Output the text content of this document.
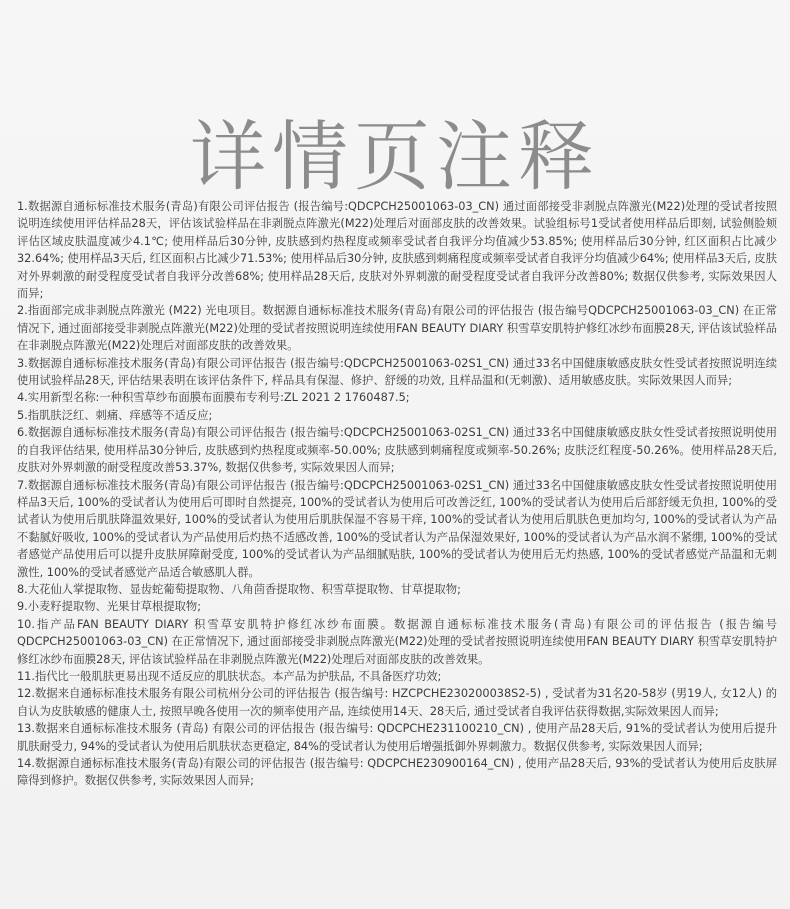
详情页注释

1.数据源自通标标准技术服务(青岛)有限公司评估报告 (报告编号:QDCPCH25001063-03_CN) 通过面部接受非剥脱点阵激光(M22)处理的受试者按照说明连续使用评估样品28天，评估该试验样品在非剥脱点阵激光(M22)处理后对面部皮肤的改善效果。试验组标号1受试者使用样品后即刻, 试验侧脸颊评估区域皮肤温度减少4.1℃; 使用样品后30分钟, 皮肤感到灼热程度或频率受试者自我评分均值减少53.85%; 使用样品后30分钟, 红区面积占比减少32.64%; 使用样品3天后, 红区面积占比减少71.53%; 使用样品后30分钟, 皮肤感到刺痛程度或频率受试者自我评分均值减少64%; 使用样品3天后, 皮肤对外界刺激的耐受程度受试者自我评分改善68%; 使用样品28天后, 皮肤对外界刺激的耐受程度受试者自我评分改善80%; 数据仅供参考, 实际效果因人而异;

2.指面部完成非剥脱点阵激光 (M22) 光电项目。数据源自通标标准技术服务(青岛)有限公司的评估报告 (报告编号QDCPCH25001063-03_CN) 在正常情况下, 通过面部接受非剥脱点阵激光(M22)处理的受试者按照说明连续使用FAN BEAUTY DIARY 积雪草安肌特护修红冰纱布面膜28天, 评估该试验样品在非剥脱点阵激光(M22)处理后对面部皮肤的改善效果。

3.数据源自通标标准技术服务(青岛)有限公司评估报告 (报告编号:QDCPCH25001063-02S1_CN) 通过33名中国健康敏感皮肤女性受试者按照说明连续使用试验样品28天, 评估结果表明在该评估条件下, 样品具有保湿、修护、舒缓的功效, 且样品温和(无刺激)、适用敏感皮肤。实际效果因人而异;

4.实用新型名称:一种积雪草纱布面膜布面膜布专利号:ZL 2021 2 1760487.5;

5.指肌肤泛红、刺痛、痒感等不适反应;

6.数据源自通标标准技术服务(青岛)有限公司评估报告 (报告编号:QDCPCH25001063-02S1_CN) 通过33名中国健康敏感皮肤女性受试者按照说明使用的自我评估结果, 使用样品30分钟后, 皮肤感到灼热程度或频率-50.00%; 皮肤感到刺痛程度或频率-50.26%; 皮肤泛红程度-50.26%。使用样品28天后, 皮肤对外界刺激的耐受程度改善53.37%, 数据仅供参考, 实际效果因人而异;

7.数据源自通标标准技术服务(青岛)有限公司评估报告 (报告编号:QDCPCH25001063-02S1_CN) 通过33名中国健康敏感皮肤女性受试者按照说明使用样品3天后, 100%的受试者认为使用后可即时自然提亮, 100%的受试者认为使用后可改善泛红, 100%的受试者认为使用后后部舒缓无负担, 100%的受试者认为使用后肌肤降温效果好, 100%的受试者认为使用后肌肤保湿不容易干痒, 100%的受试者认为使用后肌肤色更加均匀, 100%的受试者认为产品不黏腻好吸收, 100%的受试者认为产品使用后灼热不适感改善, 100%的受试者认为产品保湿效果好, 100%的受试者认为产品水润不紧绷, 100%的受试者感觉产品使用后可以提升皮肤屏障耐受度, 100%的受试者认为产品细腻贴肤, 100%的受试者认为使用后无灼热感, 100%的受试者感觉产品温和无刺激性, 100%的受试者感觉产品适合敏感肌人群。

8.大花仙人掌提取物、显齿蛇葡萄提取物、八角茴香提取物、积雪草提取物、甘草提取物;

9.小麦籽提取物、光果甘草根提取物;

10.指产品FAN BEAUTY DIARY 积雪草安肌特护修红冰纱布面膜。数据源自通标标准技术服务(青岛)有限公司的评估报告 (报告编号QDCPCH25001063-03_CN) 在正常情况下, 通过面部接受非剥脱点阵激光(M22)处理的受试者按照说明连续使用FAN BEAUTY DIARY 积雪草安肌特护修红冰纱布面膜28天, 评估该试验样品在非剥脱点阵激光(M22)处理后对面部皮肤的改善效果。

11.指代比一般肌肤更易出现不适反应的肌肤状态。本产品为护肤品, 不具备医疗功效;

12.数据来自通标标准技术服务有限公司杭州分公司的评估报告 (报告编号: HZCPCHE230200038S2-5) , 受试者为31名20-58岁 (男19人, 女12人) 的自认为皮肤敏感的健康人士, 按照早晚各使用一次的频率使用产品, 连续使用14天、28天后, 通过受试者自我评估获得数据,实际效果因人而异;

13.数据来自通标标准技术服务 (青岛) 有限公司的评估报告 (报告编号: QDCPCHE231100210_CN) , 使用产品28天后, 91%的受试者认为使用后提升肌肤耐受力, 94%的受试者认为使用后肌肤状态更稳定, 84%的受试者认为使用后增强抵御外界刺激力。数据仅供参考, 实际效果因人而异;

14.数据源自通标标准技术服务(青岛)有限公司的评估报告 (报告编号: QDCPCHE230900164_CN) , 使用产品28天后, 93%的受试者认为使用后皮肤屏障得到修护。数据仅供参考, 实际效果因人而异;
